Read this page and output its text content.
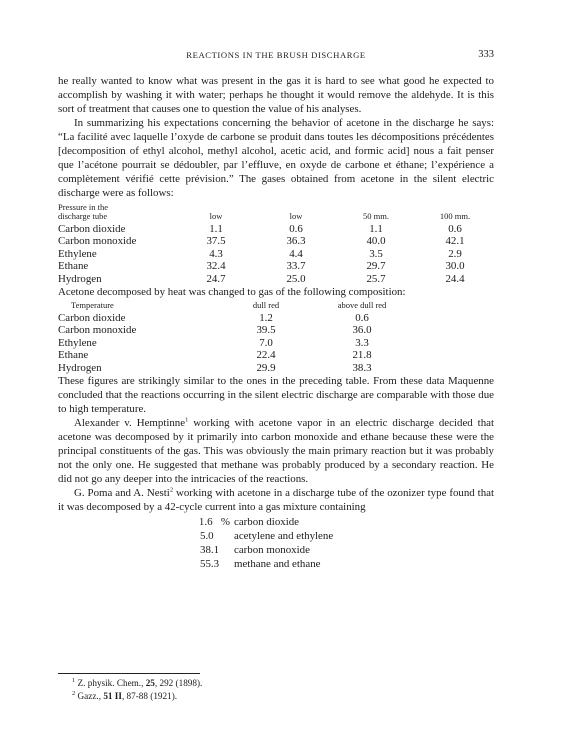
REACTIONS IN THE BRUSH DISCHARGE	333

he really wanted to know what was present in the gas it is hard to see what good he expected to accomplish by washing it with water; perhaps he thought it would remove the aldehyde. It is this sort of treatment that causes one to question the value of his analyses.

In summarizing his expectations concerning the behavior of acetone in the discharge he says: “La facilité avec laquelle l’oxyde de carbone se produit dans toutes les décompositions précédentes [decomposition of ethyl alcohol, methyl alcohol, acetic acid, and formic acid] nous a fait penser que l’acétone pourrait se dédoubler, par l’effluve, en oxyde de carbone et éthane; l’expérience a complètement vérifié cette prévision.” The gases obtained from acetone in the silent electric discharge were as follows:

Pressure in the
discharge tube	low	low	50 mm.	100 mm.
Carbon dioxide	1.1	0.6	1.1	0.6
Carbon monoxide	37.5	36.3	40.0	42.1
Ethylene	4.3	4.4	3.5	2.9
Ethane	32.4	33.7	29.7	30.0
Hydrogen	24.7	25.0	25.7	24.4

Acetone decomposed by heat was changed to gas of the following composition:

Temperature	dull red	above dull red	
Carbon dioxide	1.2	0.6	
Carbon monoxide	39.5	36.0	
Ethylene	7.0	3.3	
Ethane	22.4	21.8	
Hydrogen	29.9	38.3	

These figures are strikingly similar to the ones in the preceding table. From these data Maquenne concluded that the reactions occurring in the silent electric discharge are comparable with those due to high temperature.

Alexander v. Hemptinne$^1$ working with acetone vapor in an electric discharge decided that acetone was decomposed by it primarily into carbon monoxide and ethane because these were the principal constituents of the gas. This was obviously the main primary reaction but it was probably not the only one. He suggested that methane was probably produced by a secondary reaction. He did not go any deeper into the intricacies of the reactions.

G. Poma and A. Nesti$^2$ working with acetone in a discharge tube of the ozonizer type found that it was decomposed by a 42-cycle current into a gas mixture containing

1.6 % carbon dioxide
5.0	acetylene and ethylene
38.1	carbon monoxide
55.3	methane and ethane
$^1$ Z. physik. Chem., 25, 292 (1898).
$^2$ Gazz., 51 II, 87-88 (1921).
